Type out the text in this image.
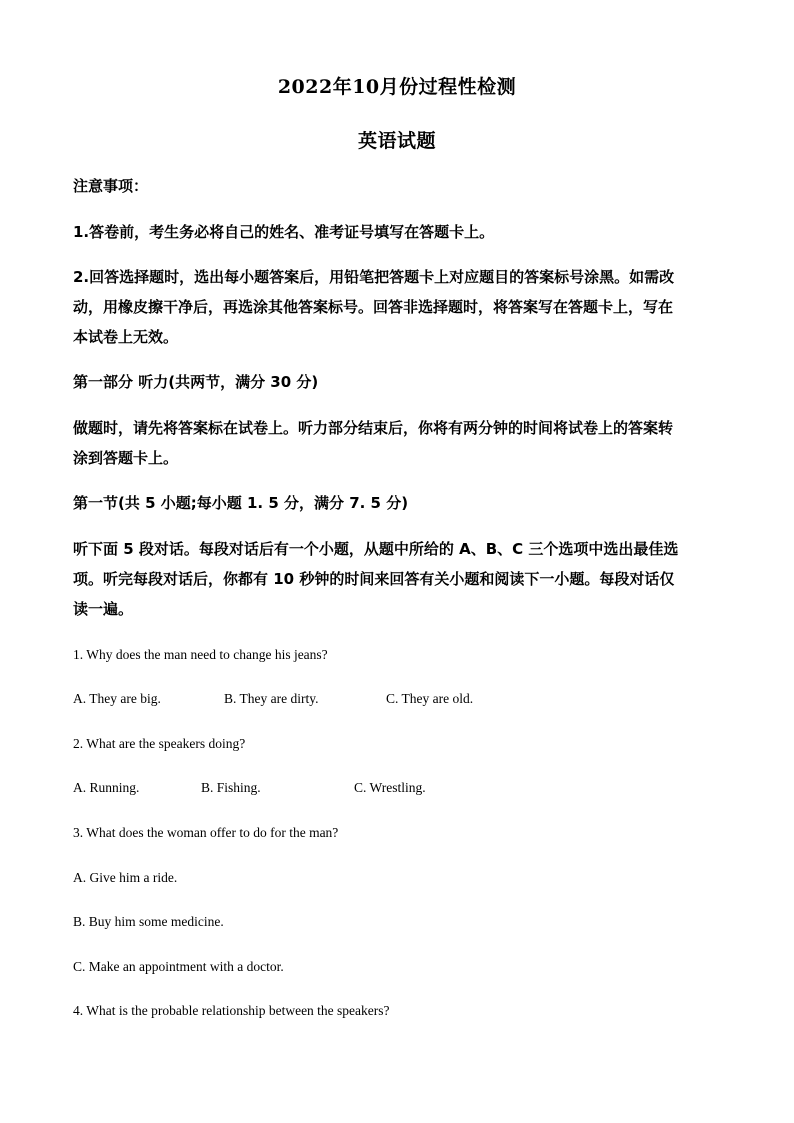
2022年10月份过程性检测
英语试题
注意事项：
1.答卷前，考生务必将自己的姓名、准考证号填写在答题卡上。
2.回答选择题时，选出每小题答案后，用铅笔把答题卡上对应题目的答案标号涂黑。如需改
动，用橡皮擦干净后，再选涂其他答案标号。回答非选择题时，将答案写在答题卡上，写在
本试卷上无效。
第一部分 听力(共两节，满分 30 分)
做题时，请先将答案标在试卷上。听力部分结束后，你将有两分钟的时间将试卷上的答案转
涂到答题卡上。
第一节(共 5 小题;每小题 1. 5 分，满分 7. 5 分)
听下面 5 段对话。每段对话后有一个小题，从题中所给的 A、B、C 三个选项中选出最佳选
项。听完每段对话后，你都有 10 秒钟的时间来回答有关小题和阅读下一小题。每段对话仅
读一遍。
1. Why does the man need to change his jeans?
A. They are big.	B. They are dirty.	C. They are old.
2. What are the speakers doing?
A. Running.	B. Fishing.	C. Wrestling.
3. What does the woman offer to do for the man?
A. Give him a ride.
B. Buy him some medicine.
C. Make an appointment with a doctor.
4. What is the probable relationship between the speakers?
